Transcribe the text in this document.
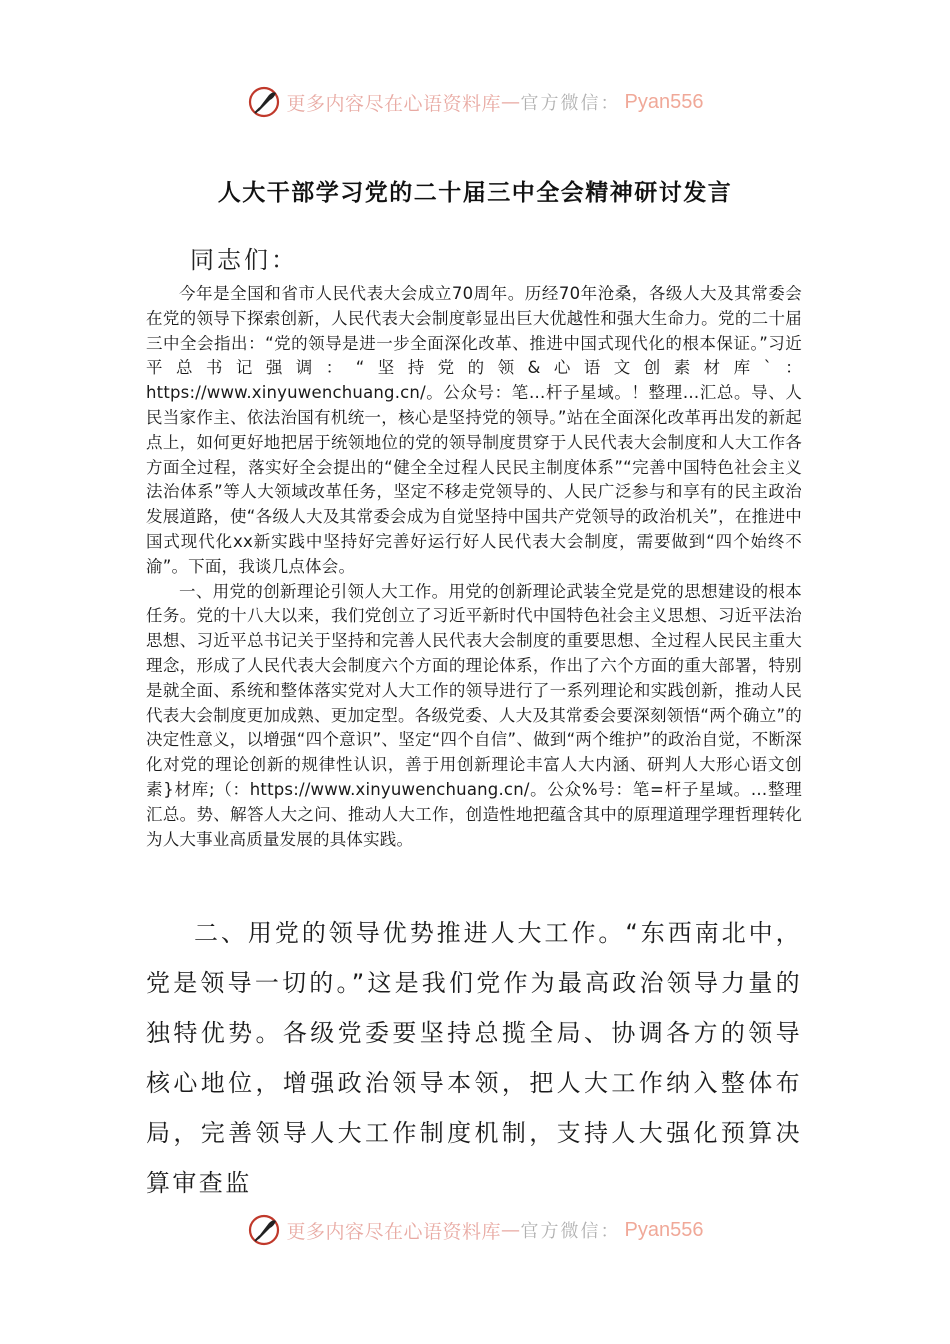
更多内容尽在心语资料库 — 官方微信： Pyan556
人大干部学习党的二十届三中全会精神研讨发言
同志们：

今年是全国和省市人民代表大会成立70周年。历经70年沧桑，各级人大及其常委会在党的领导下探索创新，人民代表大会制度彰显出巨大优越性和强大生命力。党的二十届三中全会指出：“党的领导是进一步全面深化改革、推进中国式现代化的根本保证。”习近平总书记强调：“坚持党的领&心语文创素材库`：https://www.xinyuwenchuang.cn/。公众号：笔…杆子星域。！整理…汇总。导、人民当家作主、依法治国有机统一，核心是坚持党的领导。”站在全面深化改革再出发的新起点上，如何更好地把居于统领地位的党的领导制度贯穿于人民代表大会制度和人大工作各方面全过程，落实好全会提出的“健全全过程人民民主制度体系”“完善中国特色社会主义法治体系”等人大领域改革任务，坚定不移走党领导的、人民广泛参与和享有的民主政治发展道路，使“各级人大及其常委会成为自觉坚持中国共产党领导的政治机关”，在推进中国式现代化xx新实践中坚持好完善好运行好人民代表大会制度，需要做到“四个始终不渝”。下面，我谈几点体会。

一、用党的创新理论引领人大工作。用党的创新理论武装全党是党的思想建设的根本任务。党的十八大以来，我们党创立了习近平新时代中国特色社会主义思想、习近平法治思想、习近平总书记关于坚持和完善人民代表大会制度的重要思想、全过程人民民主重大理念，形成了人民代表大会制度六个方面的理论体系，作出了六个方面的重大部署，特别是就全面、系统和整体落实党对人大工作的领导进行了一系列理论和实践创新，推动人民代表大会制度更加成熟、更加定型。各级党委、人大及其常委会要深刻领悟“两个确立”的决定性意义，以增强“四个意识”、坚定“四个自信”、做到“两个维护”的政治自觉，不断深化对党的理论创新的规律性认识，善于用创新理论丰富人大内涵、研判人大形心语文创素}材库;（：https://www.xinyuwenchuang.cn/。公众%号：笔=杆子星域。…整理汇总。势、解答人大之问、推动人大工作，创造性地把蕴含其中的原理道理学理哲理转化为人大事业高质量发展的具体实践。

二、用党的领导优势推进人大工作。“东西南北中，党是领导一切的。”这是我们党作为最高政治领导力量的独特优势。各级党委要坚持总揽全局、协调各方的领导核心地位，增强政治领导本领，把人大工作纳入整体布局，完善领导人大工作制度机制，支持人大强化预算决算审查监

更多内容尽在心语资料库 — 官方微信： Pyan556
